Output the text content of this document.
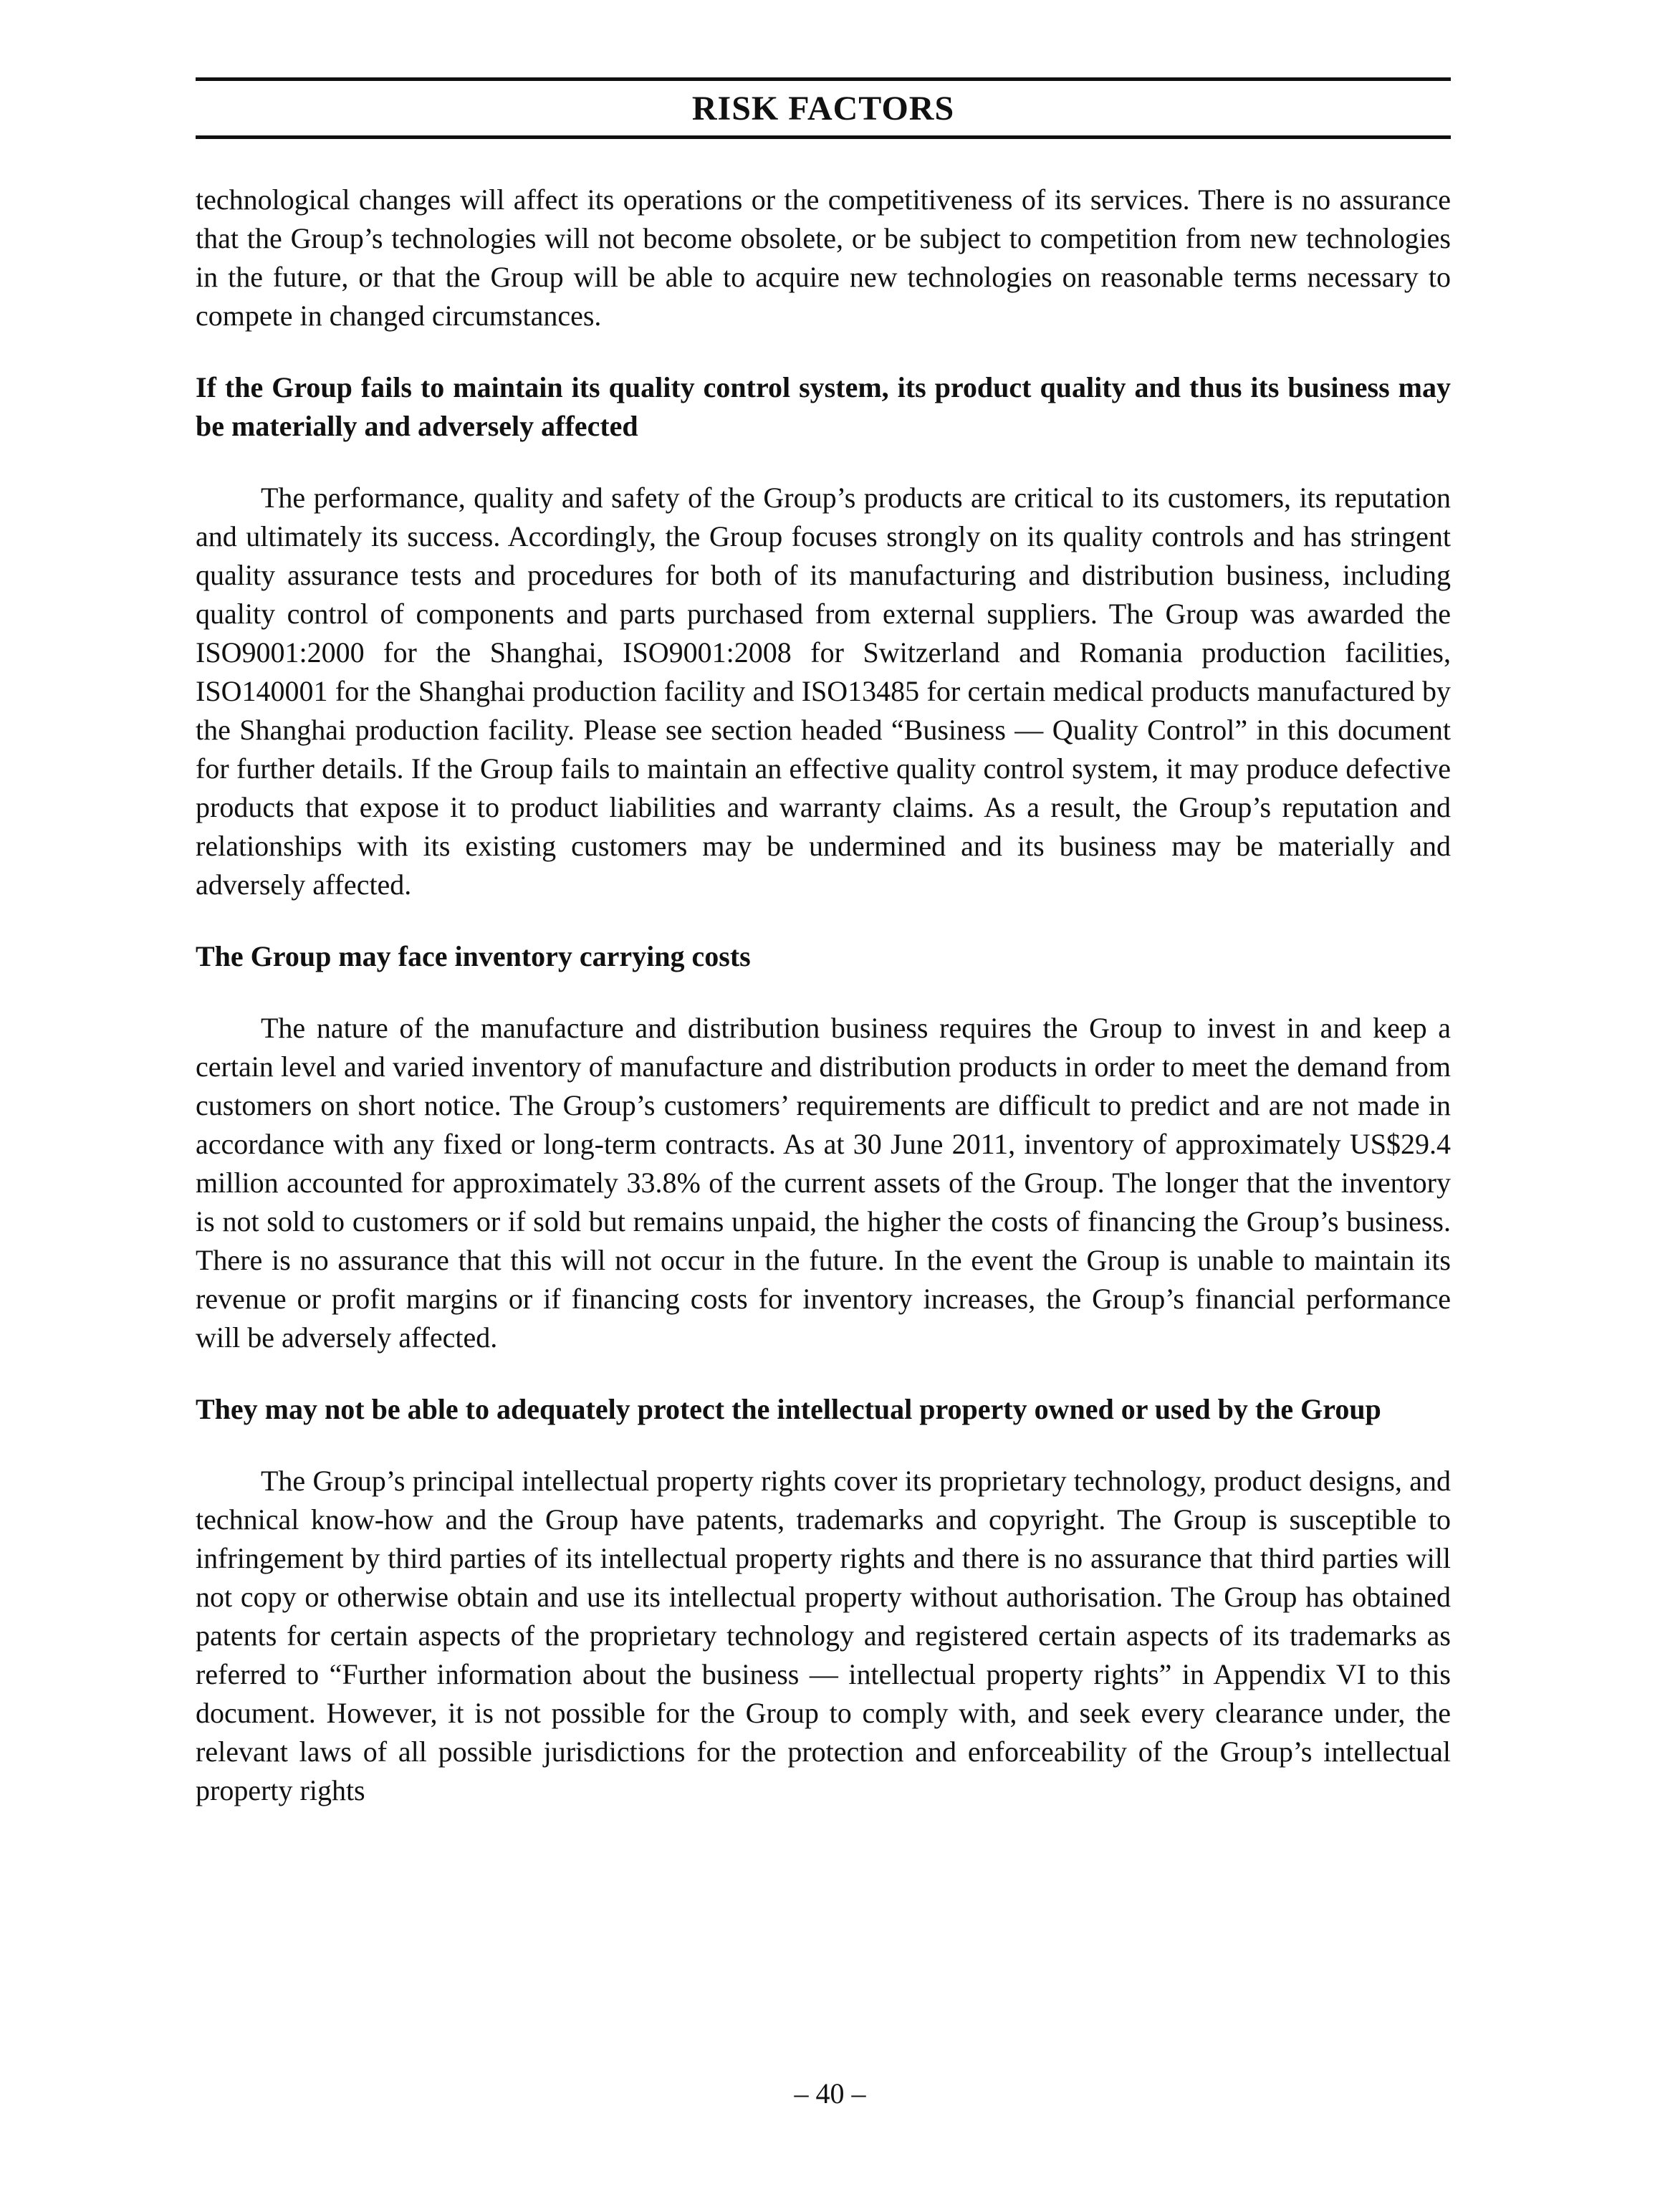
RISK FACTORS

technological changes will affect its operations or the competitiveness of its services. There is no assurance that the Group’s technologies will not become obsolete, or be subject to competition from new technologies in the future, or that the Group will be able to acquire new technologies on reasonable terms necessary to compete in changed circumstances.

If the Group fails to maintain its quality control system, its product quality and thus its business may be materially and adversely affected

The performance, quality and safety of the Group’s products are critical to its customers, its reputation and ultimately its success. Accordingly, the Group focuses strongly on its quality controls and has stringent quality assurance tests and procedures for both of its manufacturing and distribution business, including quality control of components and parts purchased from external suppliers. The Group was awarded the ISO9001:2000 for the Shanghai, ISO9001:2008 for Switzerland and Romania production facilities, ISO140001 for the Shanghai production facility and ISO13485 for certain medical products manufactured by the Shanghai production facility. Please see section headed “Business — Quality Control” in this document for further details. If the Group fails to maintain an effective quality control system, it may produce defective products that expose it to product liabilities and warranty claims. As a result, the Group’s reputation and relationships with its existing customers may be undermined and its business may be materially and adversely affected.

The Group may face inventory carrying costs

The nature of the manufacture and distribution business requires the Group to invest in and keep a certain level and varied inventory of manufacture and distribution products in order to meet the demand from customers on short notice. The Group’s customers’ requirements are difficult to predict and are not made in accordance with any fixed or long-term contracts. As at 30 June 2011, inventory of approximately US$29.4 million accounted for approximately 33.8% of the current assets of the Group. The longer that the inventory is not sold to customers or if sold but remains unpaid, the higher the costs of financing the Group’s business. There is no assurance that this will not occur in the future. In the event the Group is unable to maintain its revenue or profit margins or if financing costs for inventory increases, the Group’s financial performance will be adversely affected.

They may not be able to adequately protect the intellectual property owned or used by the Group

The Group’s principal intellectual property rights cover its proprietary technology, product designs, and technical know-how and the Group have patents, trademarks and copyright. The Group is susceptible to infringement by third parties of its intellectual property rights and there is no assurance that third parties will not copy or otherwise obtain and use its intellectual property without authorisation. The Group has obtained patents for certain aspects of the proprietary technology and registered certain aspects of its trademarks as referred to “Further information about the business — intellectual property rights” in Appendix VI to this document. However, it is not possible for the Group to comply with, and seek every clearance under, the relevant laws of all possible jurisdictions for the protection and enforceability of the Group’s intellectual property rights

– 40 –
